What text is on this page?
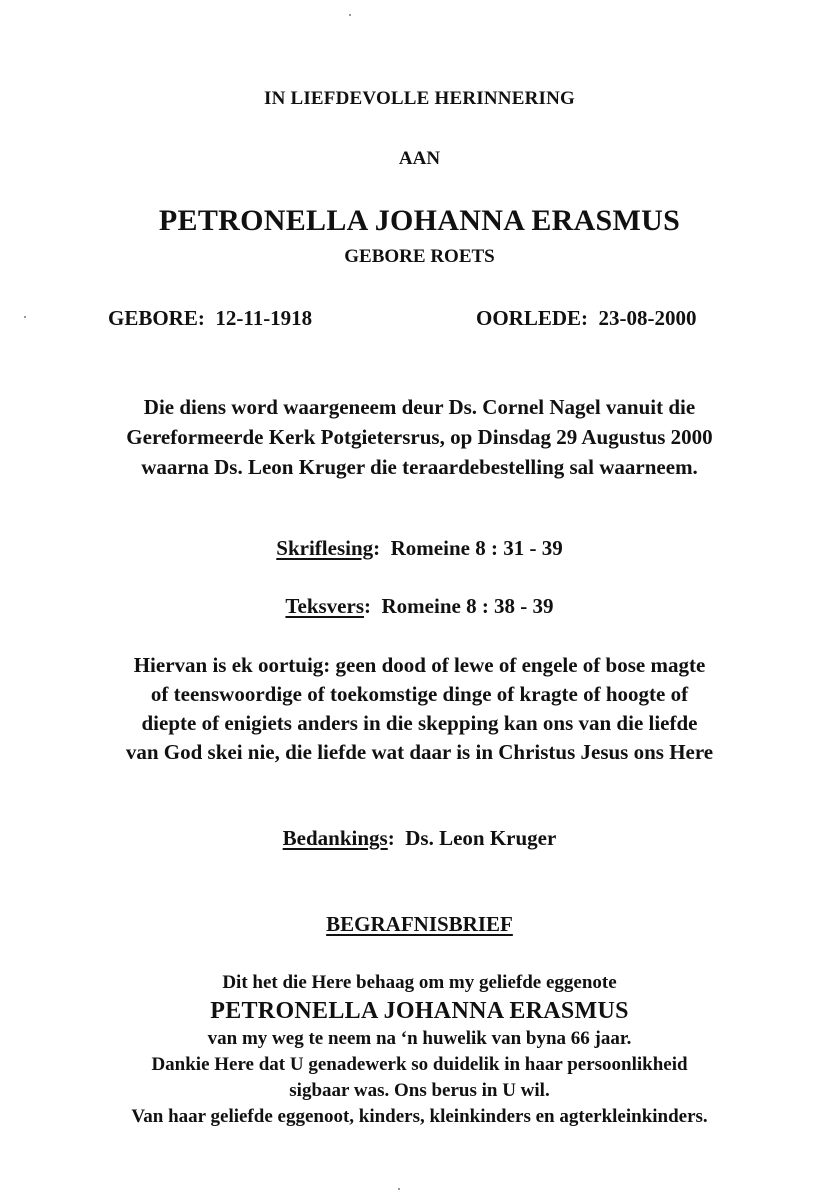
IN LIEFDEVOLLE HERINNERING
AAN
PETRONELLA JOHANNA ERASMUS
GEBORE ROETS
GEBORE: 12-11-1918	OORLEDE: 23-08-2000
Die diens word waargeneem deur Ds. Cornel Nagel vanuit die
Gereformeerde Kerk Potgietersrus, op Dinsdag 29 Augustus 2000
waarna Ds. Leon Kruger die teraardebestelling sal waarneem.
Skriflesing:  Romeine 8 : 31 - 39
Teksvers:  Romeine 8 : 38 - 39
Hiervan is ek oortuig: geen dood of lewe of engele of bose magte
of teenswoordige of toekomstige dinge of kragte of hoogte of
diepte of enigiets anders in die skepping kan ons van die liefde
van God skei nie, die liefde wat daar is in Christus Jesus ons Here
Bedankings:  Ds. Leon Kruger
BEGRAFNISBRIEF
Dit het die Here behaag om my geliefde eggenote
PETRONELLA JOHANNA ERASMUS
van my weg te neem na ‘n huwelik van byna 66 jaar.
Dankie Here dat U genadewerk so duidelik in haar persoonlikheid
sigbaar was. Ons berus in U wil.
Van haar geliefde eggenoot, kinders, kleinkinders en agterkleinkinders.
